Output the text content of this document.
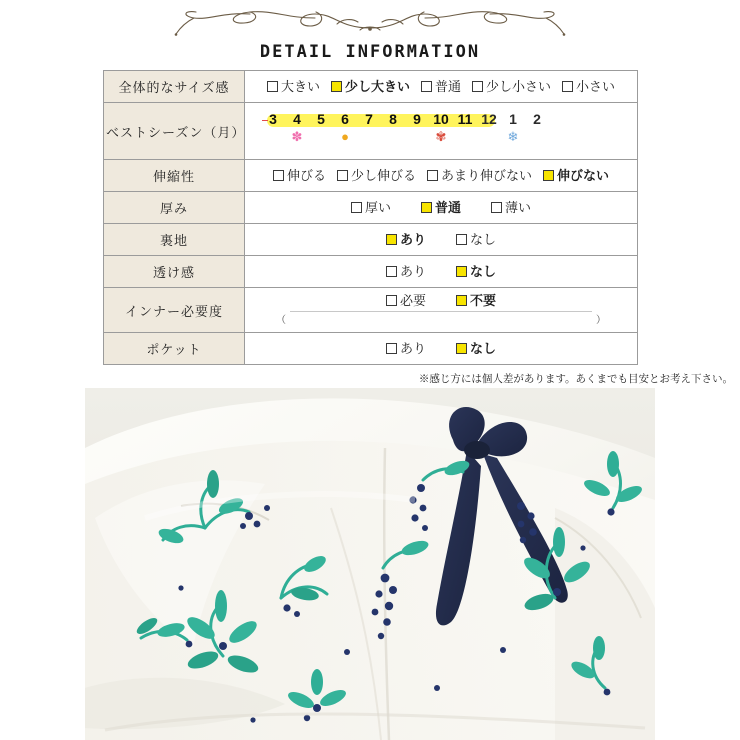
DETAIL INFORMATION
全体的なサイズ感	大きい 少し大きい 普通 少し小さい 小さい

ベストシーズン（月）	
3	4	5	6	7	8	9 10 11 12 1	2
✽	●	✾	❄

伸縮性	伸びる 少し伸びる あまり伸びない 伸びない

厚み	厚い 普通 薄い

裏地	あり なし

透け感	あり なし

インナー必要度	必要 不要
（ ）

ポケット	あり なし
※感じ方には個人差があります。あくまでも目安とお考え下さい。
